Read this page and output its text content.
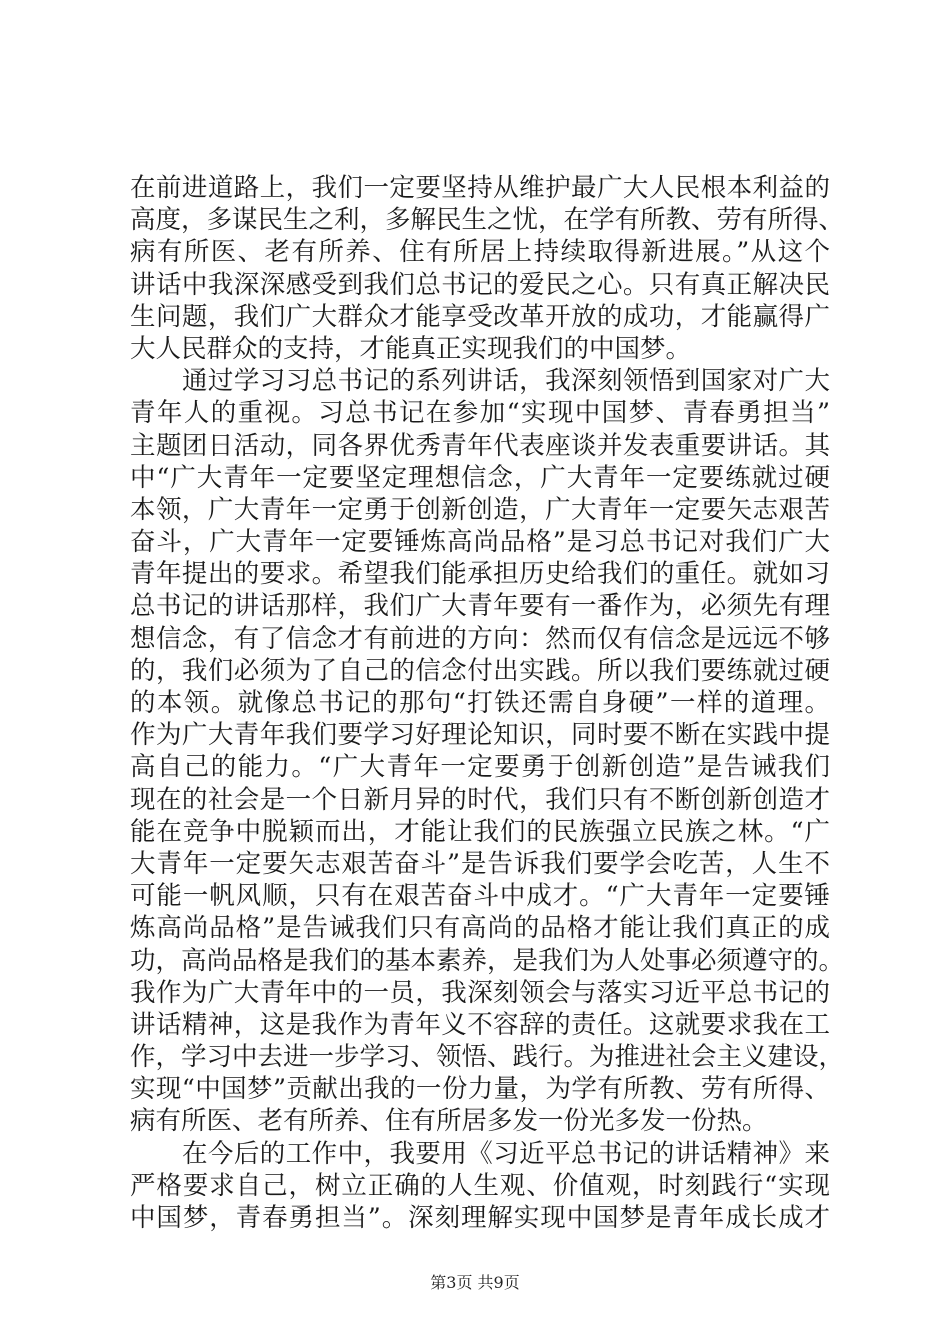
在前进道路上，我们一定要坚持从维护最广大人民根本利益的
高度，多谋民生之利，多解民生之忧，在学有所教、劳有所得、
病有所医、老有所养、住有所居上持续取得新进展。”从这个
讲话中我深深感受到我们总书记的爱民之心。只有真正解决民
生问题，我们广大群众才能享受改革开放的成功，才能赢得广
大人民群众的支持，才能真正实现我们的中国梦。
通过学习习总书记的系列讲话，我深刻领悟到国家对广大
青年人的重视。习总书记在参加“实现中国梦、青春勇担当”
主题团日活动，同各界优秀青年代表座谈并发表重要讲话。其
中“广大青年一定要坚定理想信念，广大青年一定要练就过硬
本领，广大青年一定勇于创新创造，广大青年一定要矢志艰苦
奋斗，广大青年一定要锤炼高尚品格”是习总书记对我们广大
青年提出的要求。希望我们能承担历史给我们的重任。就如习
总书记的讲话那样，我们广大青年要有一番作为，必须先有理
想信念，有了信念才有前进的方向：然而仅有信念是远远不够
的，我们必须为了自己的信念付出实践。所以我们要练就过硬
的本领。就像总书记的那句“打铁还需自身硬”一样的道理。
作为广大青年我们要学习好理论知识，同时要不断在实践中提
高自己的能力。“广大青年一定要勇于创新创造”是告诫我们
现在的社会是一个日新月异的时代，我们只有不断创新创造才
能在竞争中脱颖而出，才能让我们的民族强立民族之林。“广
大青年一定要矢志艰苦奋斗”是告诉我们要学会吃苦，人生不
可能一帆风顺，只有在艰苦奋斗中成才。“广大青年一定要锤
炼高尚品格”是告诫我们只有高尚的品格才能让我们真正的成
功，高尚品格是我们的基本素养，是我们为人处事必须遵守的。
我作为广大青年中的一员，我深刻领会与落实习近平总书记的
讲话精神，这是我作为青年义不容辞的责任。这就要求我在工
作，学习中去进一步学习、领悟、践行。为推进社会主义建设，
实现“中国梦”贡献出我的一份力量，为学有所教、劳有所得、
病有所医、老有所养、住有所居多发一份光多发一份热。
在今后的工作中，我要用《习近平总书记的讲话精神》来
严格要求自己，树立正确的人生观、价值观，时刻践行“实现
中国梦，青春勇担当”。深刻理解实现中国梦是青年成长成才
第3页 共9页
